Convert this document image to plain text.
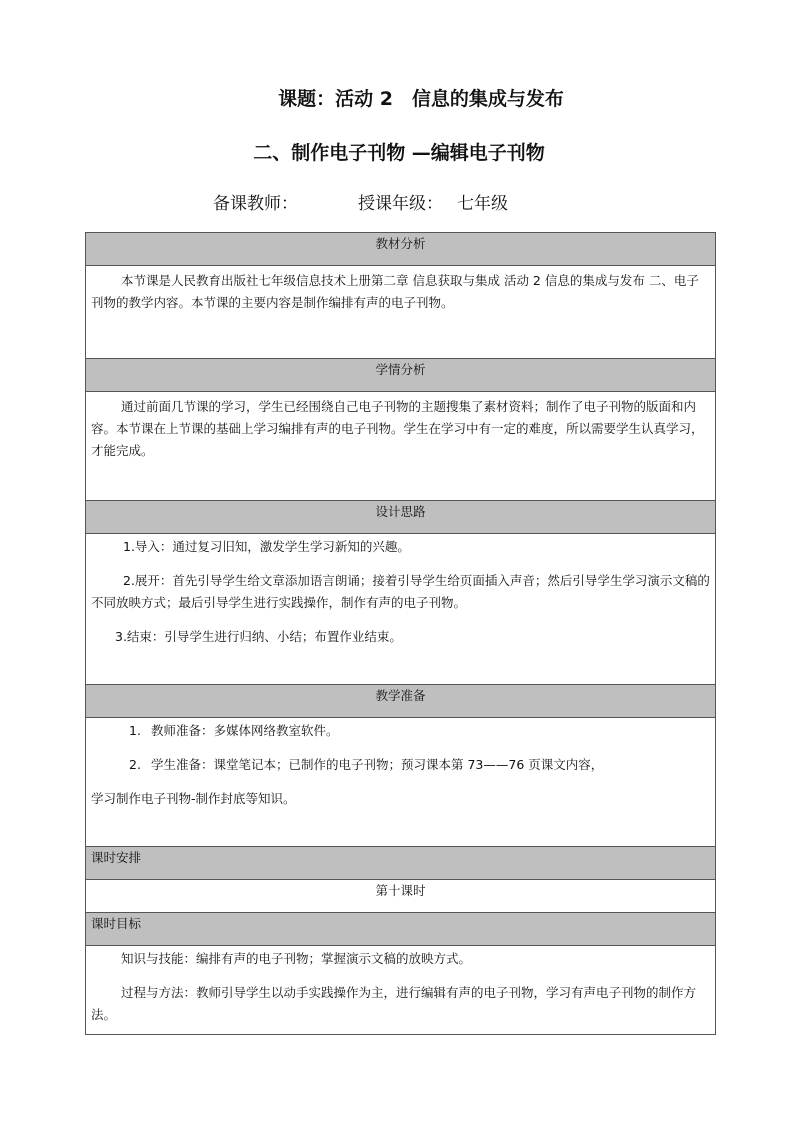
课题：活动 2　信息的集成与发布
二、制作电子刊物 —编辑电子刊物
备课教师：	授课年级： 七年级
教材分析

本节课是人民教育出版社七年级信息技术上册第二章 信息获取与集成 活动 2 信息的集成与发布 二、电子刊物的教学内容。本节课的主要内容是制作编排有声的电子刊物。

学情分析

通过前面几节课的学习，学生已经围绕自己电子刊物的主题搜集了素材资料；制作了电子刊物的版面和内容。本节课在上节课的基础上学习编排有声的电子刊物。学生在学习中有一定的难度，所以需要学生认真学习，才能完成。

设计思路

1.导入：通过复习旧知，激发学生学习新知的兴趣。

2.展开：首先引导学生给文章添加语言朗诵；接着引导学生给页面插入声音；然后引导学生学习演示文稿的不同放映方式；最后引导学生进行实践操作，制作有声的电子刊物。

3.结束：引导学生进行归纳、小结；布置作业结束。

教学准备

1. 教师准备：多媒体网络教室软件。

2. 学生准备：课堂笔记本；已制作的电子刊物；预习课本第 73——76 页课文内容，

学习制作电子刊物-制作封底等知识。

课时安排
第十课时
课时目标

知识与技能：编排有声的电子刊物；掌握演示文稿的放映方式。

过程与方法：教师引导学生以动手实践操作为主，进行编辑有声的电子刊物，学习有声电子刊物的制作方法。
